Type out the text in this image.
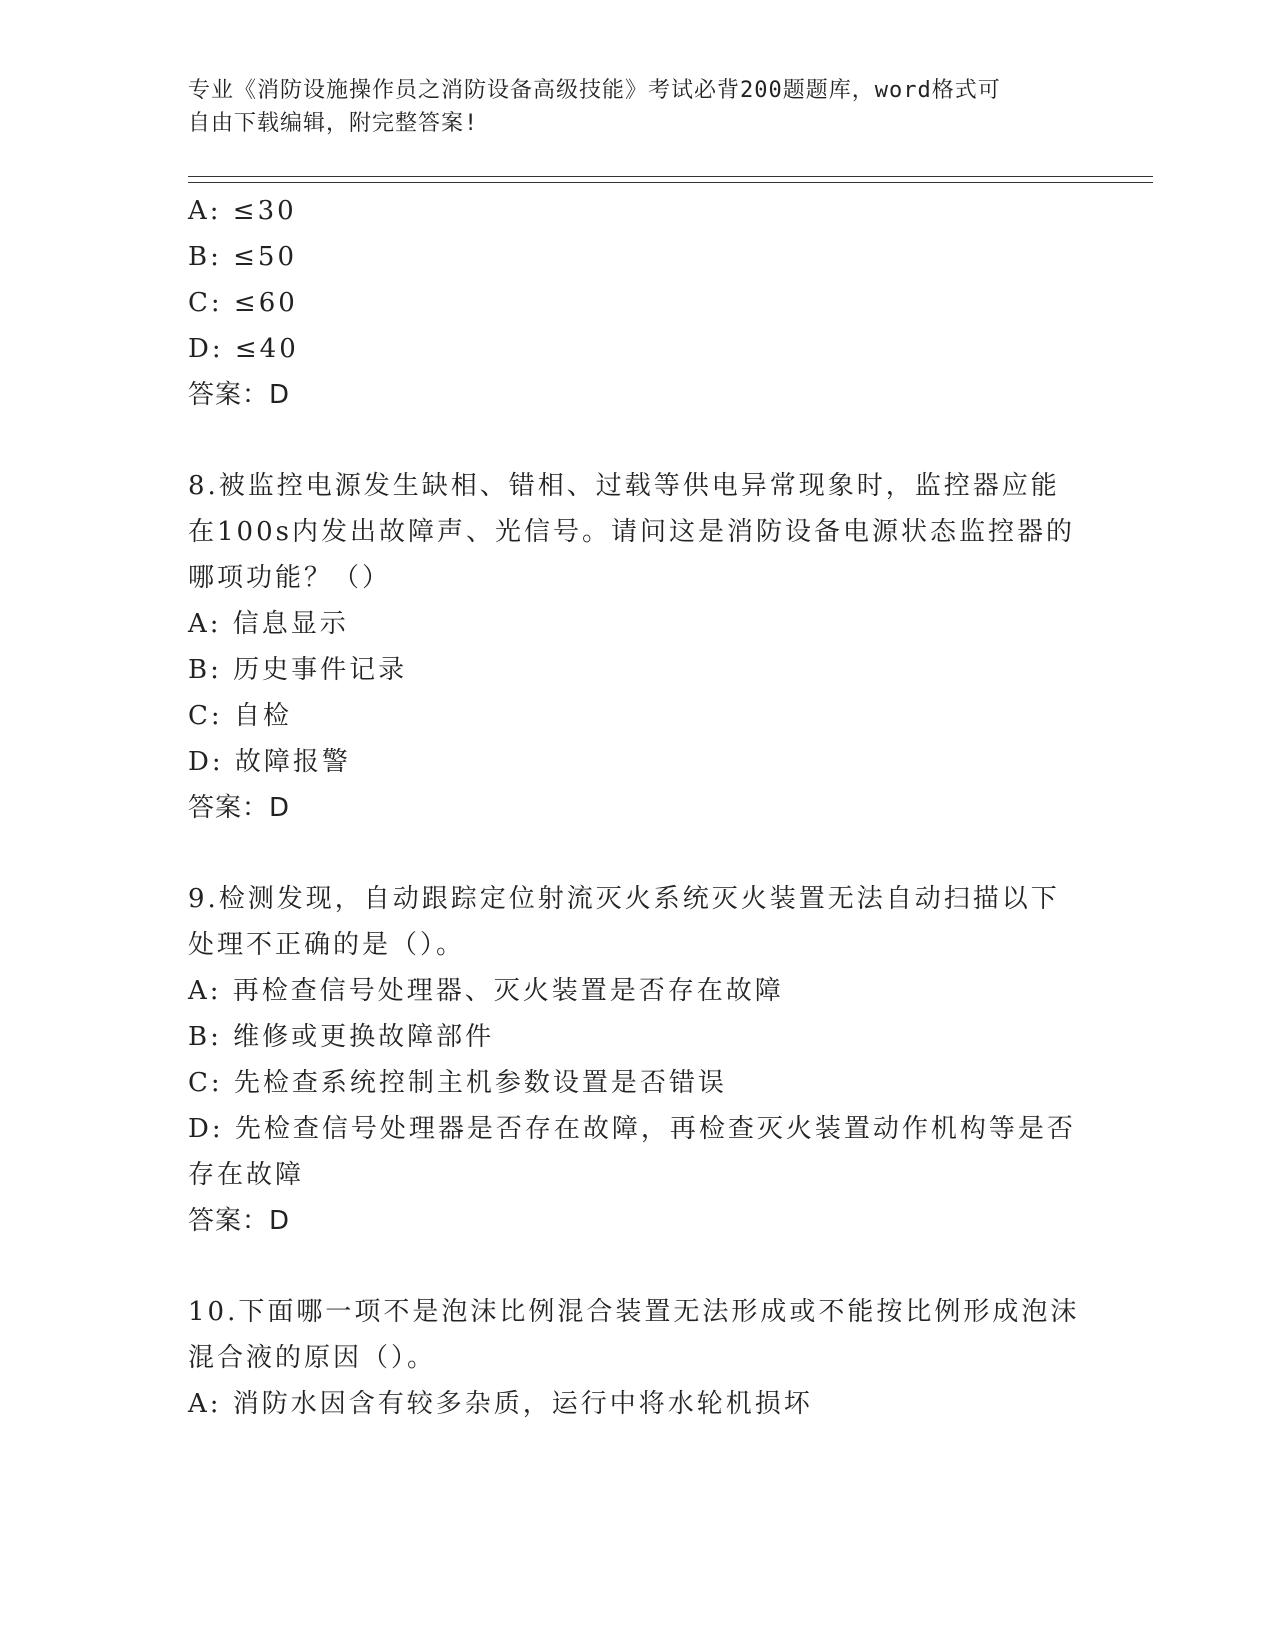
专业《消防设施操作员之消防设备高级技能》考试必背200题题库，word格式可
自由下载编辑，附完整答案!
A: ≤30
B: ≤50
C: ≤60
D: ≤40
答案：D
8.被监控电源发生缺相、错相、过载等供电异常现象时，监控器应能
在100s内发出故障声、光信号。请问这是消防设备电源状态监控器的
哪项功能？（）
A: 信息显示
B: 历史事件记录
C: 自检
D: 故障报警
答案：D
9.检测发现，自动跟踪定位射流灭火系统灭火装置无法自动扫描以下
处理不正确的是（）。
A: 再检查信号处理器、灭火装置是否存在故障
B: 维修或更换故障部件
C: 先检查系统控制主机参数设置是否错误
D: 先检查信号处理器是否存在故障，再检查灭火装置动作机构等是否
存在故障
答案：D
10.下面哪一项不是泡沫比例混合装置无法形成或不能按比例形成泡沫
混合液的原因（）。
A: 消防水因含有较多杂质，运行中将水轮机损坏
